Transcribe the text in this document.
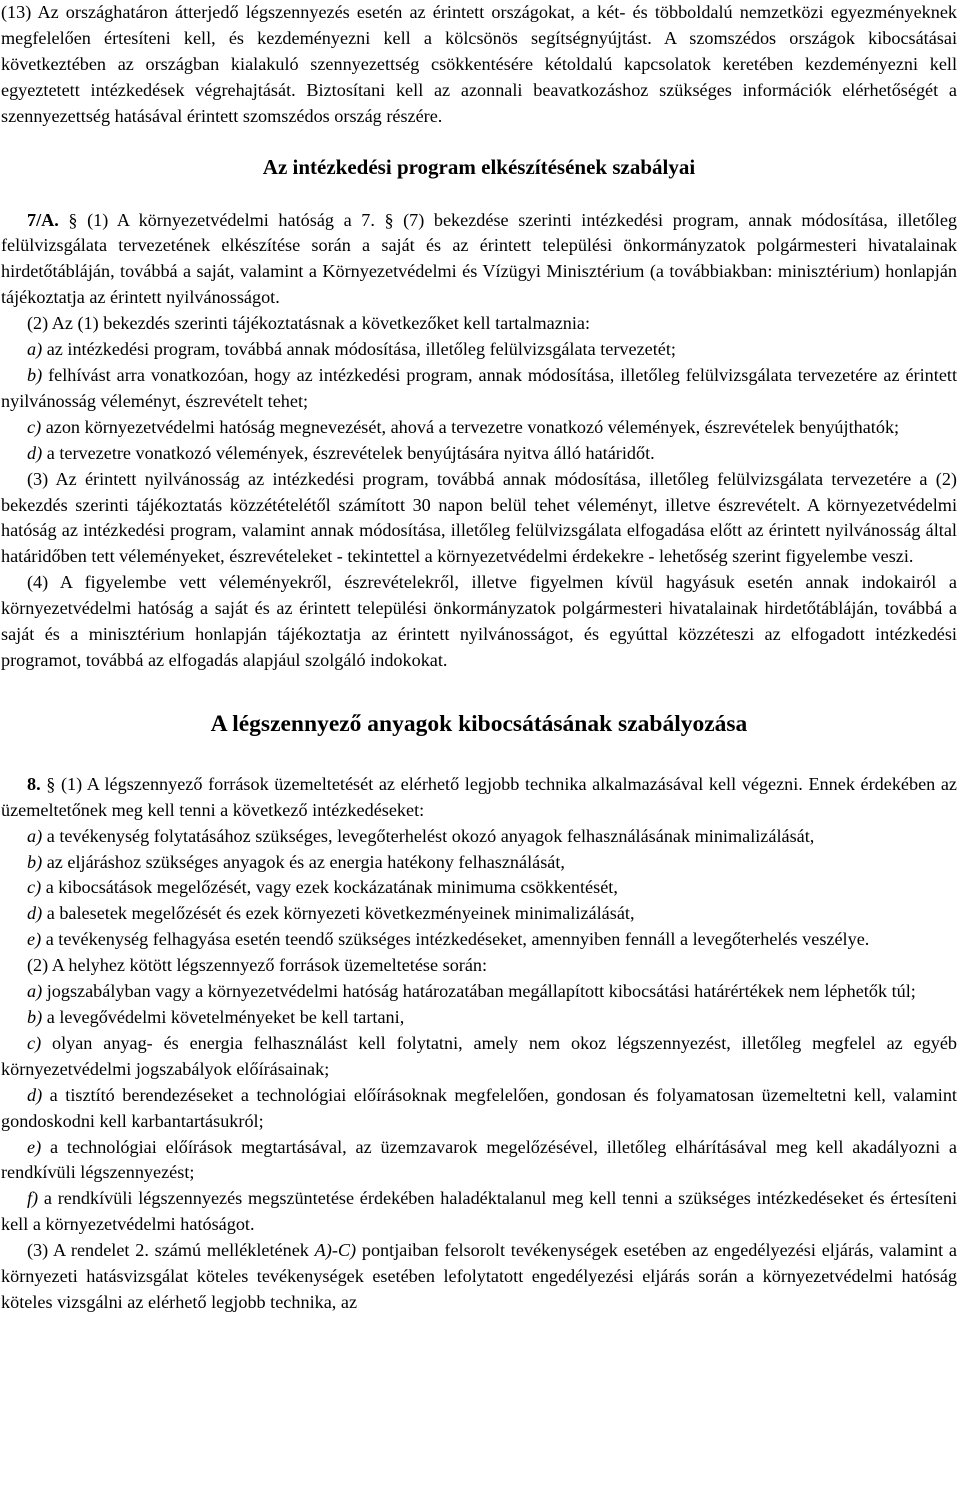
(13) Az országhatáron átterjedő légszennyezés esetén az érintett országokat, a két- és többoldalú nemzetközi egyezményeknek megfelelően értesíteni kell, és kezdeményezni kell a kölcsönös segítségnyújtást. A szomszédos országok kibocsátásai következtében az országban kialakuló szennyezettség csökkentésére kétoldalú kapcsolatok keretében kezdeményezni kell egyeztetett intézkedések végrehajtását. Biztosítani kell az azonnali beavatkozáshoz szükséges információk elérhetőségét a szennyezettség hatásával érintett szomszédos ország részére.

Az intézkedési program elkészítésének szabályai

7/A. § (1) A környezetvédelmi hatóság a 7. § (7) bekezdése szerinti intézkedési program, annak módosítása, illetőleg felülvizsgálata tervezetének elkészítése során a saját és az érintett települési önkormányzatok polgármesteri hivatalainak hirdetőtábláján, továbbá a saját, valamint a Környezetvédelmi és Vízügyi Minisztérium (a továbbiakban: minisztérium) honlapján tájékoztatja az érintett nyilvánosságot.

(2) Az (1) bekezdés szerinti tájékoztatásnak a következőket kell tartalmaznia:

a) az intézkedési program, továbbá annak módosítása, illetőleg felülvizsgálata tervezetét;

b) felhívást arra vonatkozóan, hogy az intézkedési program, annak módosítása, illetőleg felülvizsgálata tervezetére az érintett nyilvánosság véleményt, észrevételt tehet;

c) azon környezetvédelmi hatóság megnevezését, ahová a tervezetre vonatkozó vélemények, észrevételek benyújthatók;

d) a tervezetre vonatkozó vélemények, észrevételek benyújtására nyitva álló határidőt.

(3) Az érintett nyilvánosság az intézkedési program, továbbá annak módosítása, illetőleg felülvizsgálata tervezetére a (2) bekezdés szerinti tájékoztatás közzétételétől számított 30 napon belül tehet véleményt, illetve észrevételt. A környezetvédelmi hatóság az intézkedési program, valamint annak módosítása, illetőleg felülvizsgálata elfogadása előtt az érintett nyilvánosság által határidőben tett véleményeket, észrevételeket - tekintettel a környezetvédelmi érdekekre - lehetőség szerint figyelembe veszi.

(4) A figyelembe vett véleményekről, észrevételekről, illetve figyelmen kívül hagyásuk esetén annak indokairól a környezetvédelmi hatóság a saját és az érintett települési önkormányzatok polgármesteri hivatalainak hirdetőtábláján, továbbá a saját és a minisztérium honlapján tájékoztatja az érintett nyilvánosságot, és egyúttal közzéteszi az elfogadott intézkedési programot, továbbá az elfogadás alapjául szolgáló indokokat.

A légszennyező anyagok kibocsátásának szabályozása

8. § (1) A légszennyező források üzemeltetését az elérhető legjobb technika alkalmazásával kell végezni. Ennek érdekében az üzemeltetőnek meg kell tenni a következő intézkedéseket:

a) a tevékenység folytatásához szükséges, levegőterhelést okozó anyagok felhasználásának minimalizálását,

b) az eljáráshoz szükséges anyagok és az energia hatékony felhasználását,

c) a kibocsátások megelőzését, vagy ezek kockázatának minimuma csökkentését,

d) a balesetek megelőzését és ezek környezeti következményeinek minimalizálását,

e) a tevékenység felhagyása esetén teendő szükséges intézkedéseket, amennyiben fennáll a levegőterhelés veszélye.

(2) A helyhez kötött légszennyező források üzemeltetése során:

a) jogszabályban vagy a környezetvédelmi hatóság határozatában megállapított kibocsátási határértékek nem léphetők túl;

b) a levegővédelmi követelményeket be kell tartani,

c) olyan anyag- és energia felhasználást kell folytatni, amely nem okoz légszennyezést, illetőleg megfelel az egyéb környezetvédelmi jogszabályok előírásainak;

d) a tisztító berendezéseket a technológiai előírásoknak megfelelően, gondosan és folyamatosan üzemeltetni kell, valamint gondoskodni kell karbantartásukról;

e) a technológiai előírások megtartásával, az üzemzavarok megelőzésével, illetőleg elhárításával meg kell akadályozni a rendkívüli légszennyezést;

f) a rendkívüli légszennyezés megszüntetése érdekében haladéktalanul meg kell tenni a szükséges intézkedéseket és értesíteni kell a környezetvédelmi hatóságot.

(3) A rendelet 2. számú mellékletének A)-C) pontjaiban felsorolt tevékenységek esetében az engedélyezési eljárás, valamint a környezeti hatásvizsgálat köteles tevékenységek esetében lefolytatott engedélyezési eljárás során a környezetvédelmi hatóság köteles vizsgálni az elérhető legjobb technika, az
